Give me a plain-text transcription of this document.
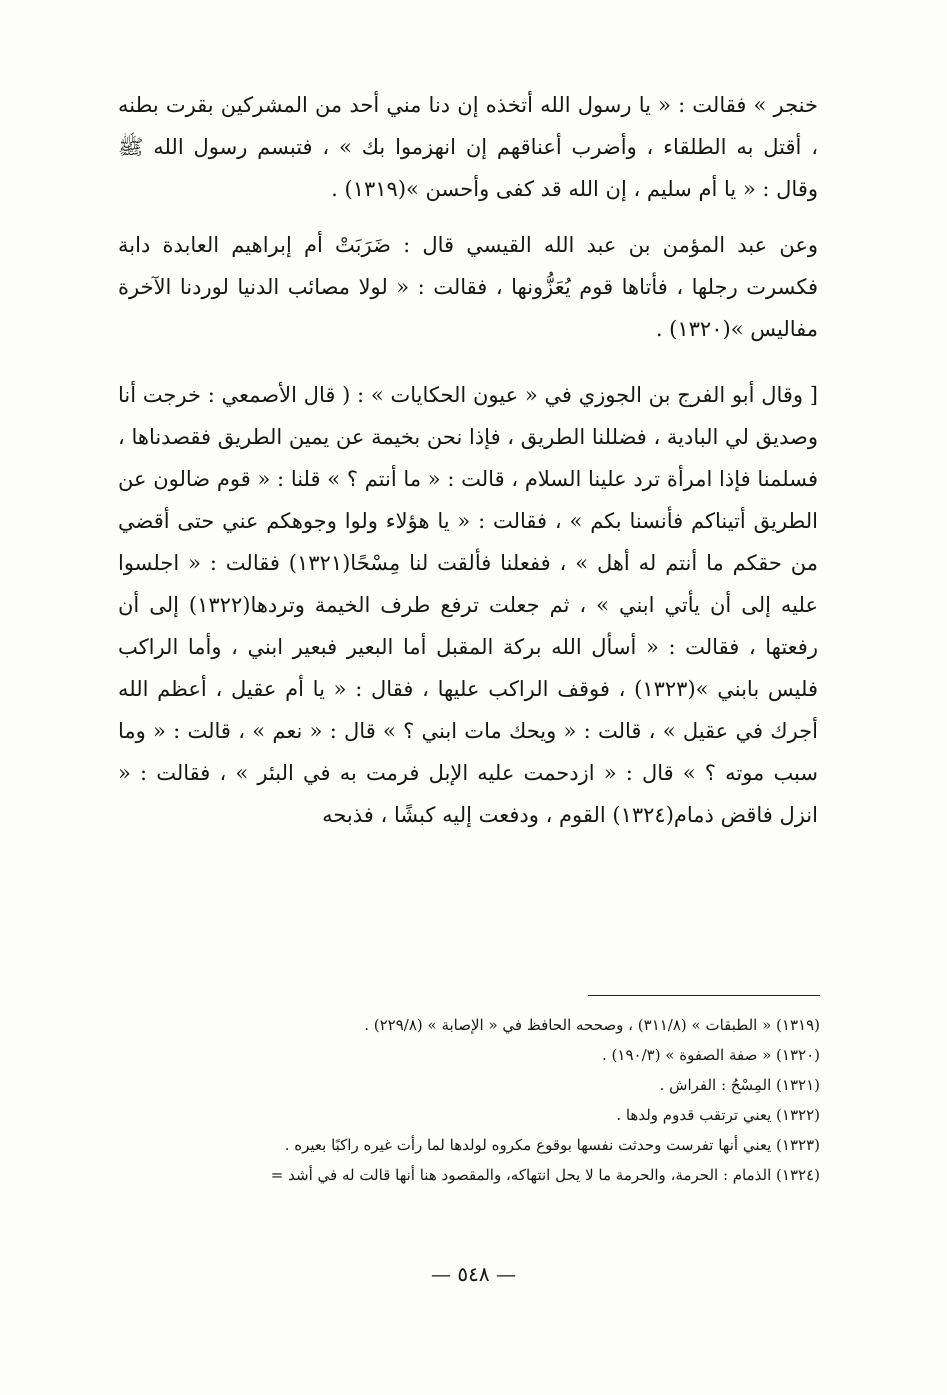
خنجر » فقالت : « يا رسول الله أتخذه إن دنا مني أحد من المشركين بقرت بطنه ، أقتل به الطلقاء ، وأضرب أعناقهم إن انهزموا بك » ، فتبسم رسول الله ﷺ وقال : « يا أم سليم ، إن الله قد كفى وأحسن »(١٣١٩) .

وعن عبد المؤمن بن عبد الله القيسي قال : ضَرَبَتْ أم إبراهيم العابدة دابة فكسرت رجلها ، فأتاها قوم يُعَزُّونها ، فقالت : « لولا مصائب الدنيا لوردنا الآخرة مفاليس »(١٣٢٠) .

[ وقال أبو الفرج بن الجوزي في « عيون الحكايات » : ( قال الأصمعي : خرجت أنا وصديق لي البادية ، فضللنا الطريق ، فإذا نحن بخيمة عن يمين الطريق فقصدناها ، فسلمنا فإذا امرأة ترد علينا السلام ، قالت : « ما أنتم ؟ » قلنا : « قوم ضالون عن الطريق أتيناكم فأنسنا بكم » ، فقالت : « يا هؤلاء ولوا وجوهكم عني حتى أقضي من حقكم ما أنتم له أهل » ، ففعلنا فألقت لنا مِسْحًا(١٣٢١) فقالت : « اجلسوا عليه إلى أن يأتي ابني » ، ثم جعلت ترفع طرف الخيمة وتردها(١٣٢٢) إلى أن رفعتها ، فقالت : « أسأل الله بركة المقبل أما البعير فبعير ابني ، وأما الراكب فليس بابني »(١٣٢٣) ، فوقف الراكب عليها ، فقال : « يا أم عقيل ، أعظم الله أجرك في عقيل » ، قالت : « ويحك مات ابني ؟ » قال : « نعم » ، قالت : « وما سبب موته ؟ » قال : « ازدحمت عليه الإبل فرمت به في البئر » ، فقالت : « انزل فاقض ذمام(١٣٢٤) القوم ، ودفعت إليه كبشًا ، فذبحه

(١٣١٩) « الطبقات » (٣١١/٨) ، وصححه الحافظ في « الإصابة » (٢٢٩/٨) .

(١٣٢٠) « صفة الصفوة » (١٩٠/٣) .

(١٣٢١) المِسْحُ : الفراش .

(١٣٢٢) يعني ترتقب قدوم ولدها .

(١٣٢٣) يعني أنها تفرست وحدثت نفسها بوقوع مكروه لولدها لما رأت غيره راكبًا بعيره .

(١٣٢٤) الذمام : الحرمة، والحرمة ما لا يحل انتهاكه، والمقصود هنا أنها قالت له في أشد =

— ٥٤٨ —
